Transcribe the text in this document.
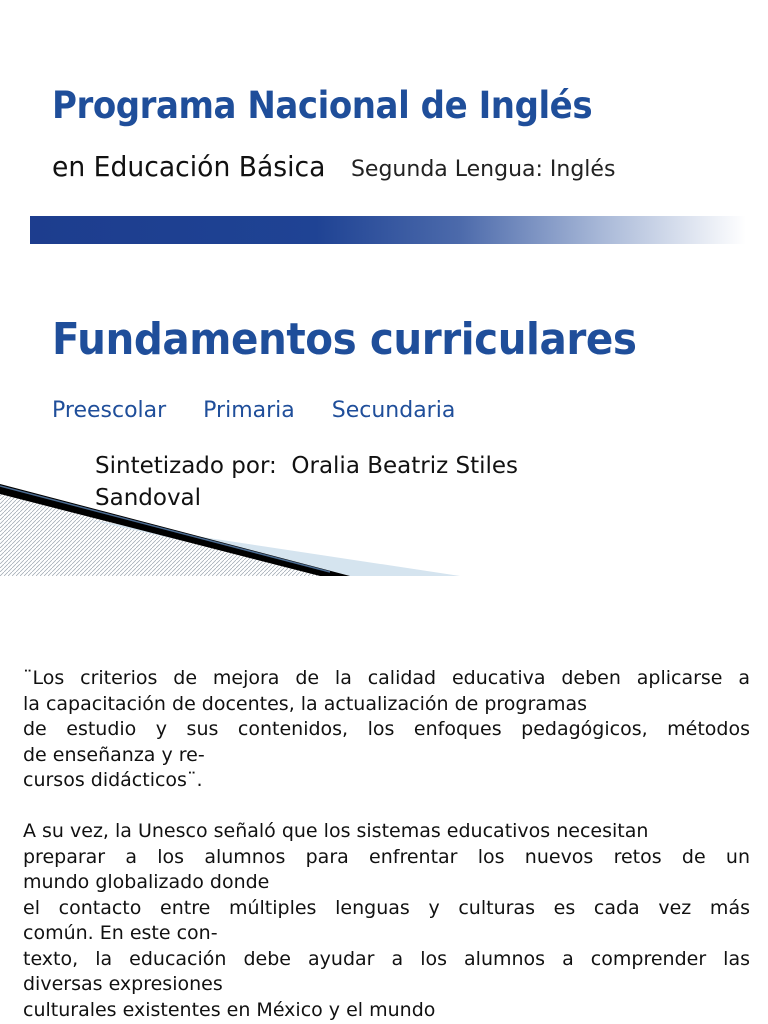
Programa Nacional de Inglés
en Educación Básica Segunda Lengua: Inglés
Fundamentos curriculares
Preescolar Primaria Secundaria

Sintetizado por: Oralia Beatriz Stiles Sandoval

¨Los criterios de mejora de la calidad educativa deben aplicarse a

la capacitación de docentes, la actualización de programas

de estudio y sus contenidos, los enfoques pedagógicos, métodos

de enseñanza y re-

cursos didácticos¨.

A su vez, la Unesco señaló que los sistemas educativos necesitan

preparar a los alumnos para enfrentar los nuevos retos de un

mundo globalizado donde

el contacto entre múltiples lenguas y culturas es cada vez más

común. En este con-

texto, la educación debe ayudar a los alumnos a comprender las

diversas expresiones

culturales existentes en México y el mundo
